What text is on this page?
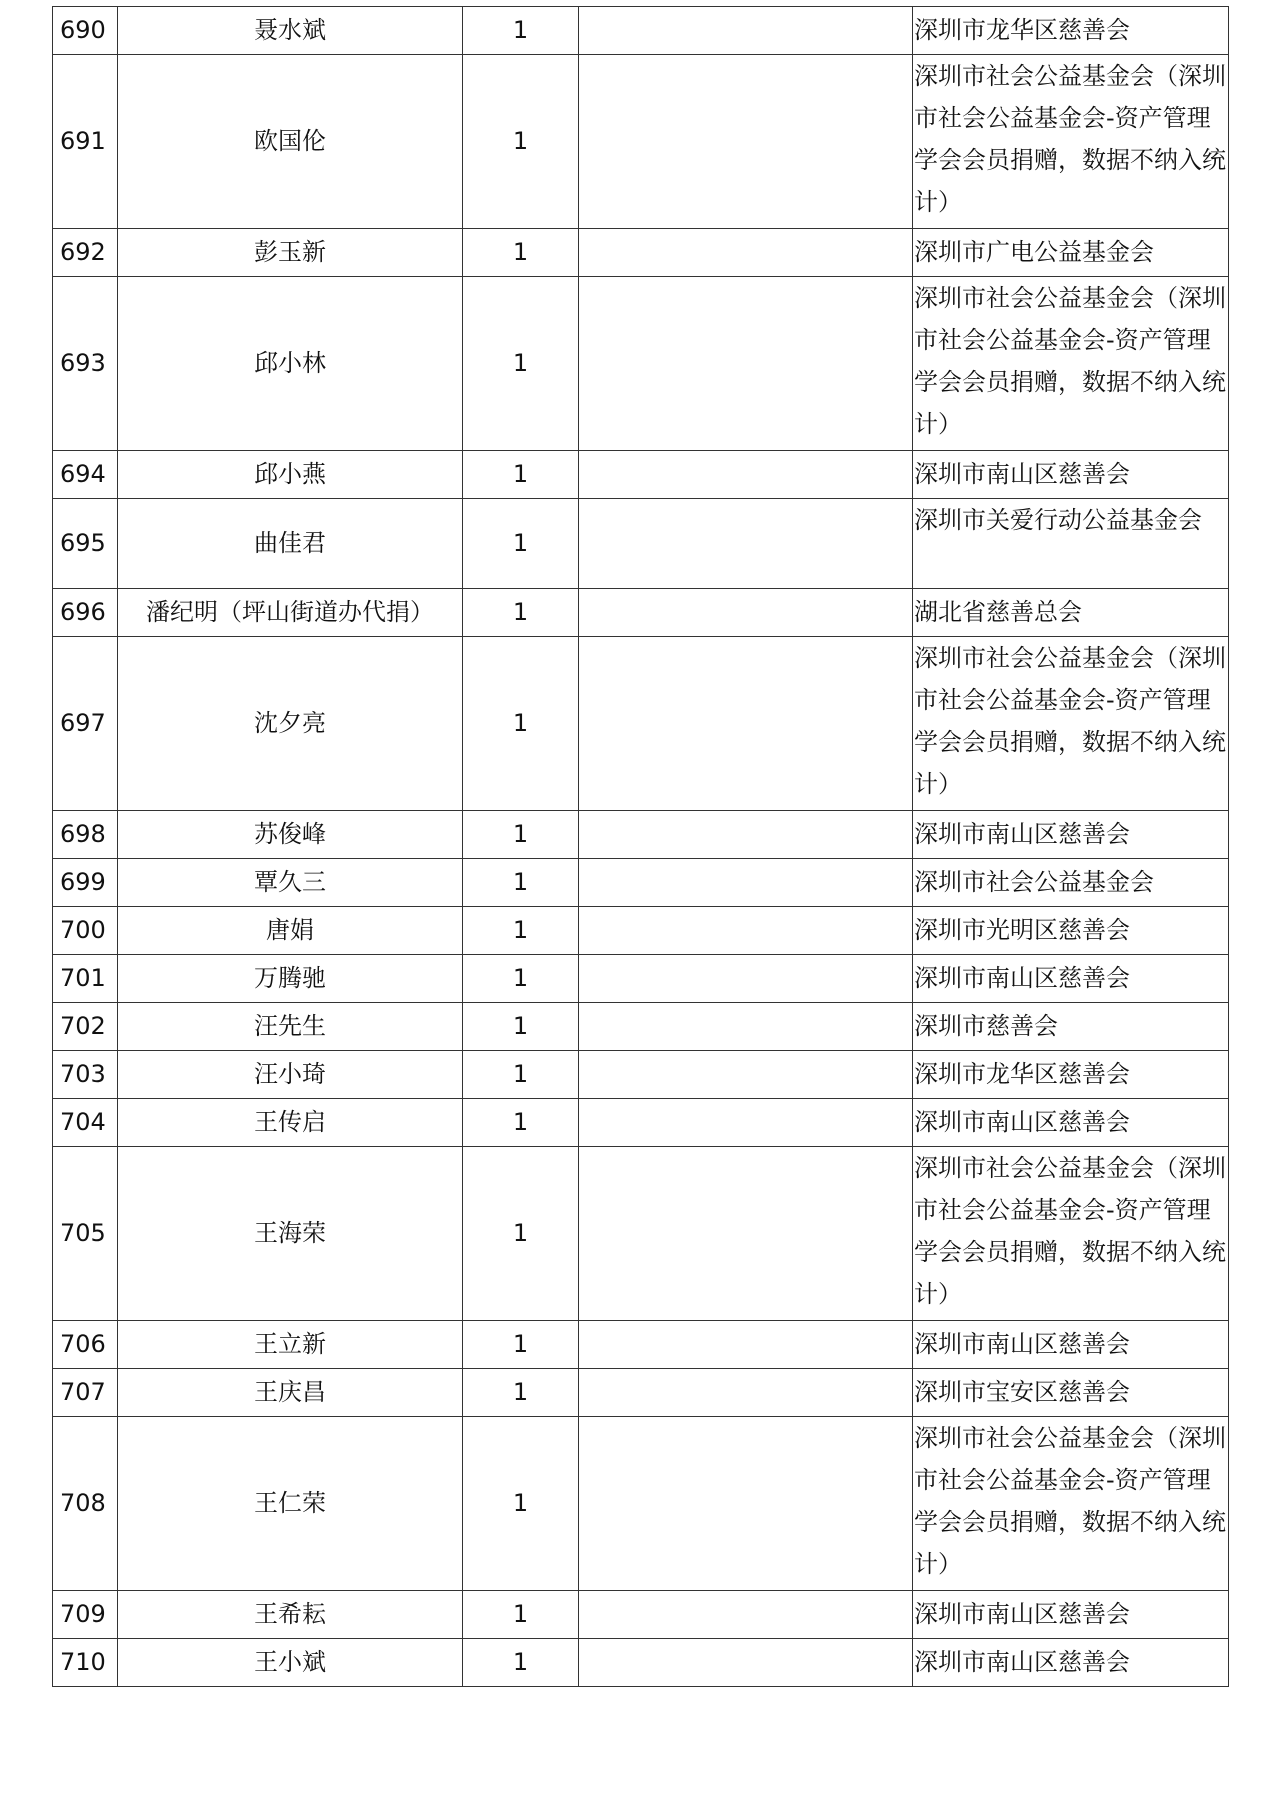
690	聂水斌	1		深圳市龙华区慈善会
691	欧国伦	1		深圳市社会公益基金会（深圳市社会公益基金会-资产管理学会会员捐赠，数据不纳入统计）
692	彭玉新	1		深圳市广电公益基金会
693	邱小林	1		深圳市社会公益基金会（深圳市社会公益基金会-资产管理学会会员捐赠，数据不纳入统计）
694	邱小燕	1		深圳市南山区慈善会
695	曲佳君	1		深圳市关爱行动公益基金会
696	潘纪明（坪山街道办代捐）	1		湖北省慈善总会
697	沈夕亮	1		深圳市社会公益基金会（深圳市社会公益基金会-资产管理学会会员捐赠，数据不纳入统计）
698	苏俊峰	1		深圳市南山区慈善会
699	覃久三	1		深圳市社会公益基金会
700	唐娟	1		深圳市光明区慈善会
701	万腾驰	1		深圳市南山区慈善会
702	汪先生	1		深圳市慈善会
703	汪小琦	1		深圳市龙华区慈善会
704	王传启	1		深圳市南山区慈善会
705	王海荣	1		深圳市社会公益基金会（深圳市社会公益基金会-资产管理学会会员捐赠，数据不纳入统计）
706	王立新	1		深圳市南山区慈善会
707	王庆昌	1		深圳市宝安区慈善会
708	王仁荣	1		深圳市社会公益基金会（深圳市社会公益基金会-资产管理学会会员捐赠，数据不纳入统计）
709	王希耘	1		深圳市南山区慈善会
710	王小斌	1		深圳市南山区慈善会
